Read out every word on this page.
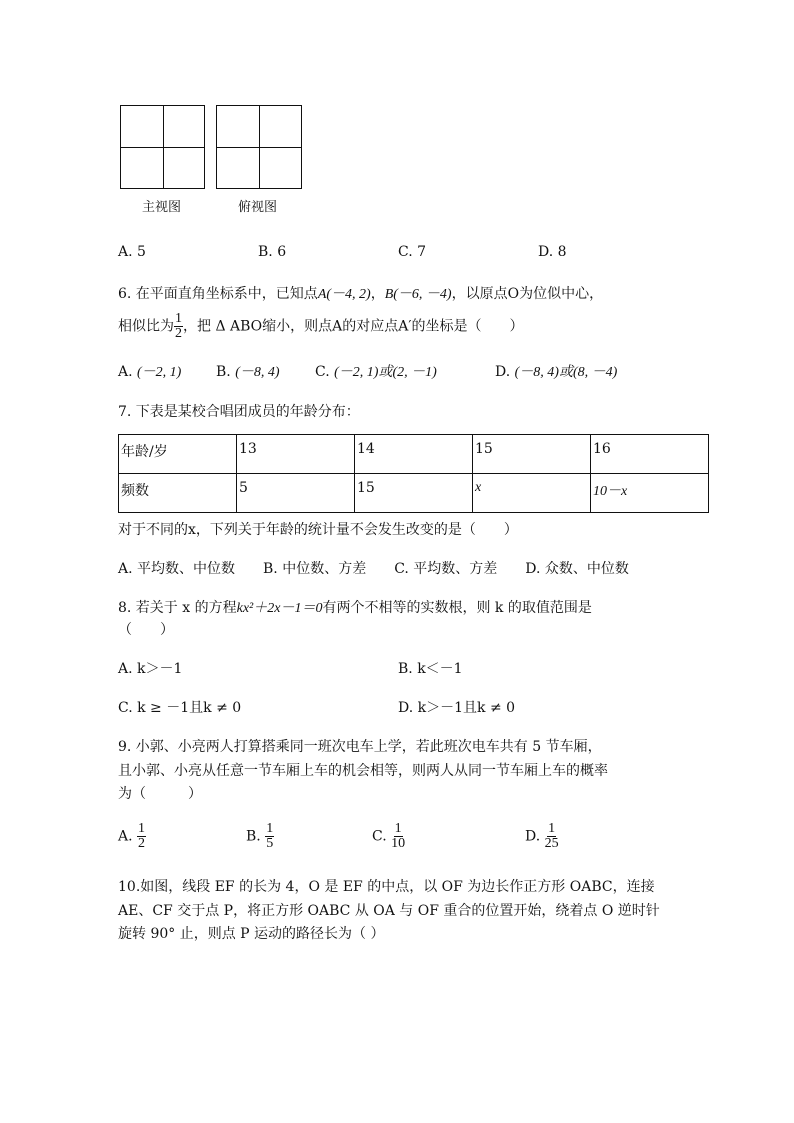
主视图	俯视图
A. 5	B. 6	C. 7	D. 8
6. 在平面直角坐标系中，已知点A(－4, 2)，B(－6, －4)，以原点O为位似中心，
相似比为 $\frac{1}{2}$ ，把 Δ ABO缩小，则点A的对应点A′的坐标是（　　）
A. (－2, 1) B. (－8, 4)	C. (－2, 1)或(2, －1)	D. (－8, 4)或(8, －4)
7. 下表是某校合唱团成员的年龄分布：
年龄/岁	13	14	15	16

频数	5	15	x	10－x
对于不同的x，下列关于年龄的统计量不会发生改变的是（　　）
A. 平均数、中位数　　B. 中位数、方差　　C. 平均数、方差　　D. 众数、中位数
8. 若关于 x 的方程kx²＋2x－1＝0有两个不相等的实数根，则 k 的取值范围是
（　　）
A. k＞－1	B. k＜－1
C. k ≥ －1且k ≠ 0	D. k＞－1且k ≠ 0
9. 小郭、小亮两人打算搭乘同一班次电车上学，若此班次电车共有 5 节车厢，
且小郭、小亮从任意一节车厢上车的机会相等，则两人从同一节车厢上车的概率
为（　　　）
A. $\frac{1}{2}$	B. $\frac{1}{5}$	C. $\frac{1}{10}$	D. $\frac{1}{25}$
10.如图，线段 EF 的长为 4，O 是 EF 的中点，以 OF 为边长作正方形 OABC，连接
AE、CF 交于点 P，将正方形 OABC 从 OA 与 OF 重合的位置开始，绕着点 O 逆时针
旋转 90° 止，则点 P 运动的路径长为（ ）
